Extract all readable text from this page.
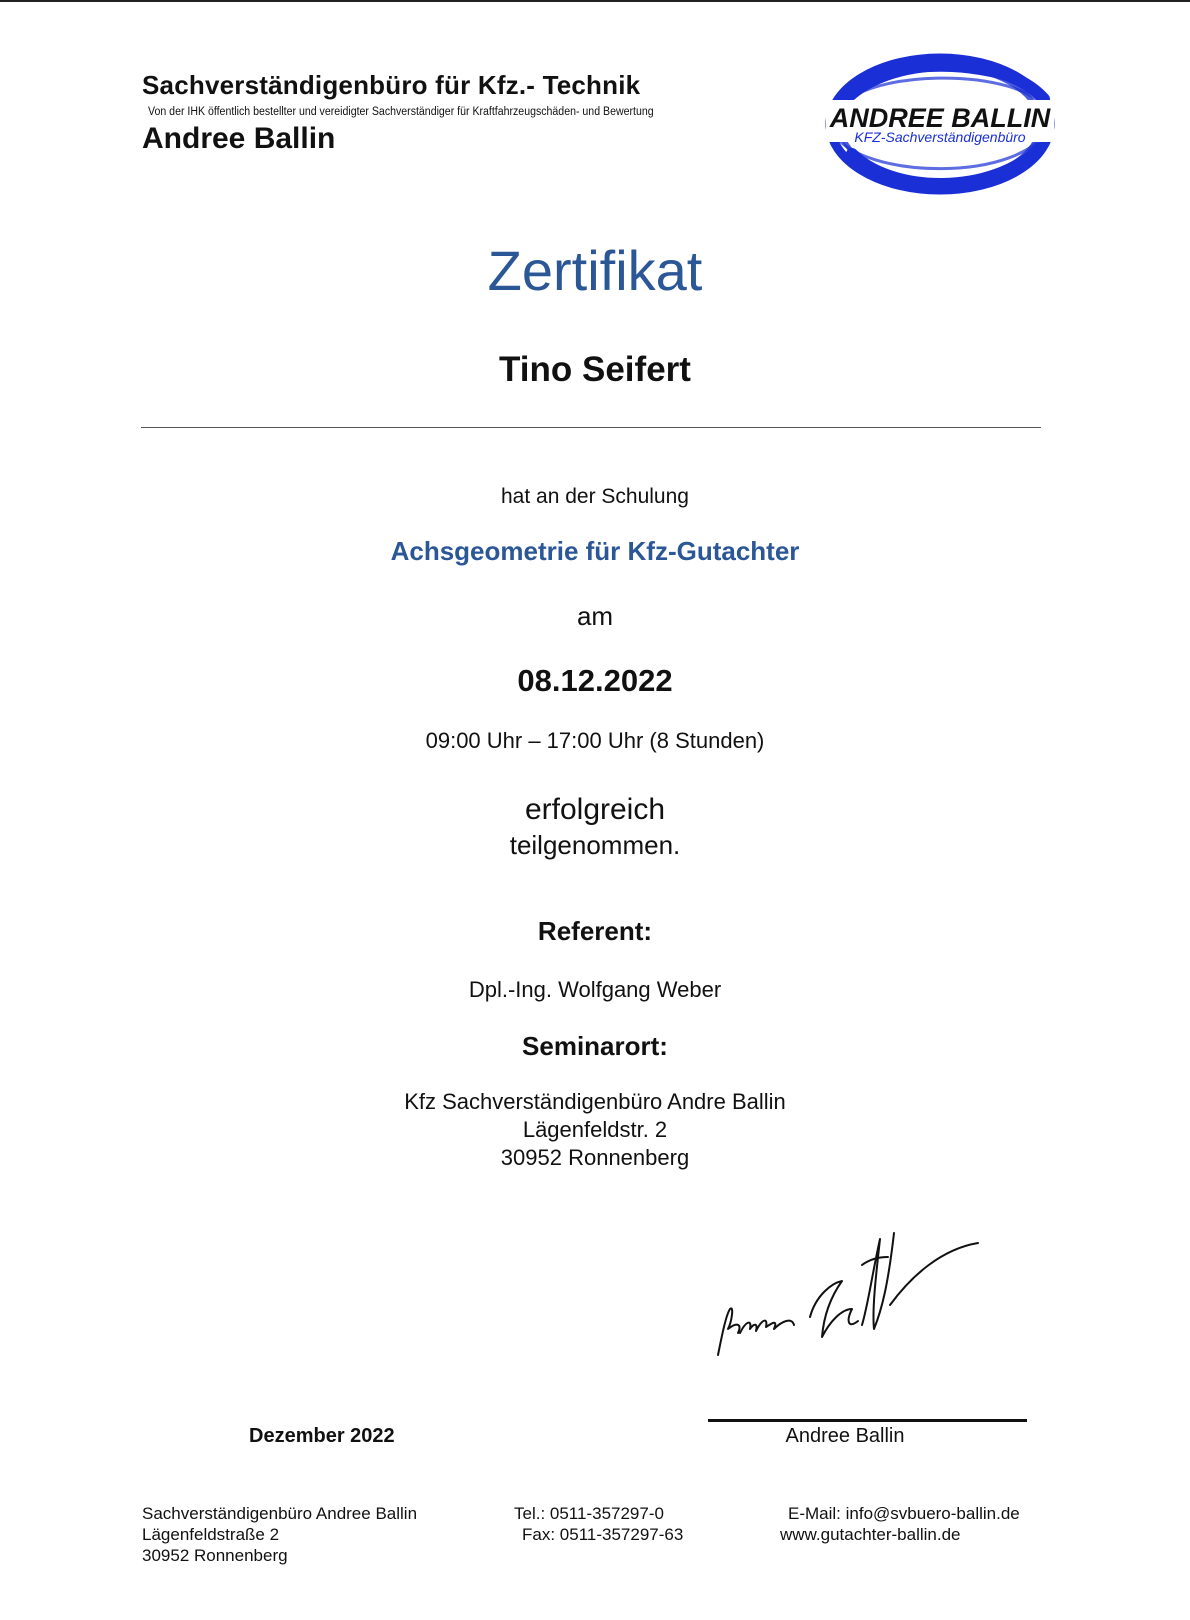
Sachverständigenbüro für Kfz.- Technik
Von der IHK öffentlich bestellter und vereidigter Sachverständiger für Kraftfahrzeugschäden- und Bewertung
Andree Ballin
ANDREE BALLIN
KFZ-Sachverständigenbüro
Zertifikat
Tino Seifert
hat an der Schulung
Achsgeometrie für Kfz-Gutachter
am
08.12.2022
09:00 Uhr – 17:00 Uhr (8 Stunden)
erfolgreich
teilgenommen.
Referent:
Dpl.-Ing. Wolfgang Weber
Seminarort:
Kfz Sachverständigenbüro Andre Ballin
Lägenfeldstr. 2
30952 Ronnenberg
Andree Ballin
Dezember 2022
Sachverständigenbüro Andree Ballin
Lägenfeldstraße 2
30952 Ronnenberg
Tel.: 0511-357297-0
Fax: 0511-357297-63
E-Mail: info@svbuero-ballin.de
www.gutachter-ballin.de
